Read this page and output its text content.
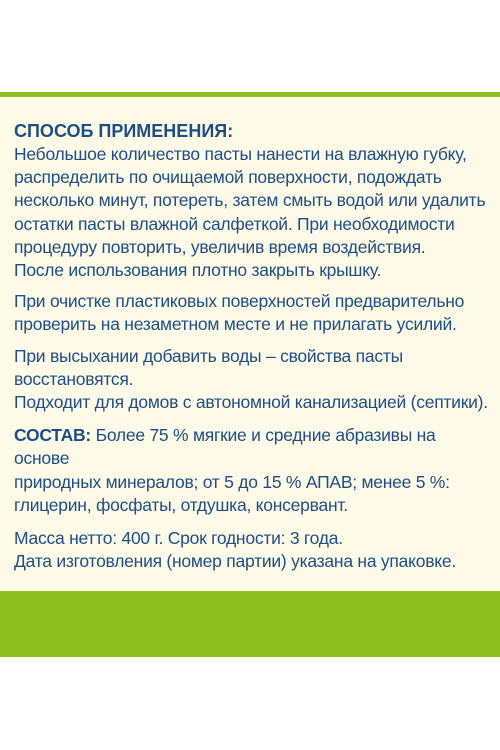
СПОСОБ ПРИМЕНЕНИЯ:

Небольшое количество пасты нанести на влажную губку,
распределить по очищаемой поверхности, подождать
несколько минут, потереть, затем смыть водой или удалить
остатки пасты влажной салфеткой. При необходимости
процедуру повторить, увеличив время воздействия.
После использования плотно закрыть крышку.

При очистке пластиковых поверхностей предварительно
проверить на незаметном месте и не прилагать усилий.

При высыхании добавить воды – свойства пасты
восстановятся.

Подходит для домов с автономной канализацией (септики).

СОСТАВ: Более 75 % мягкие и средние абразивы на основе
природных минералов; от 5 до 15 % АПАВ; менее 5 %:
глицерин, фосфаты, отдушка, консервант.

Масса нетто: 400 г. Срок годности: 3 года.

Дата изготовления (номер партии) указана на упаковке.
